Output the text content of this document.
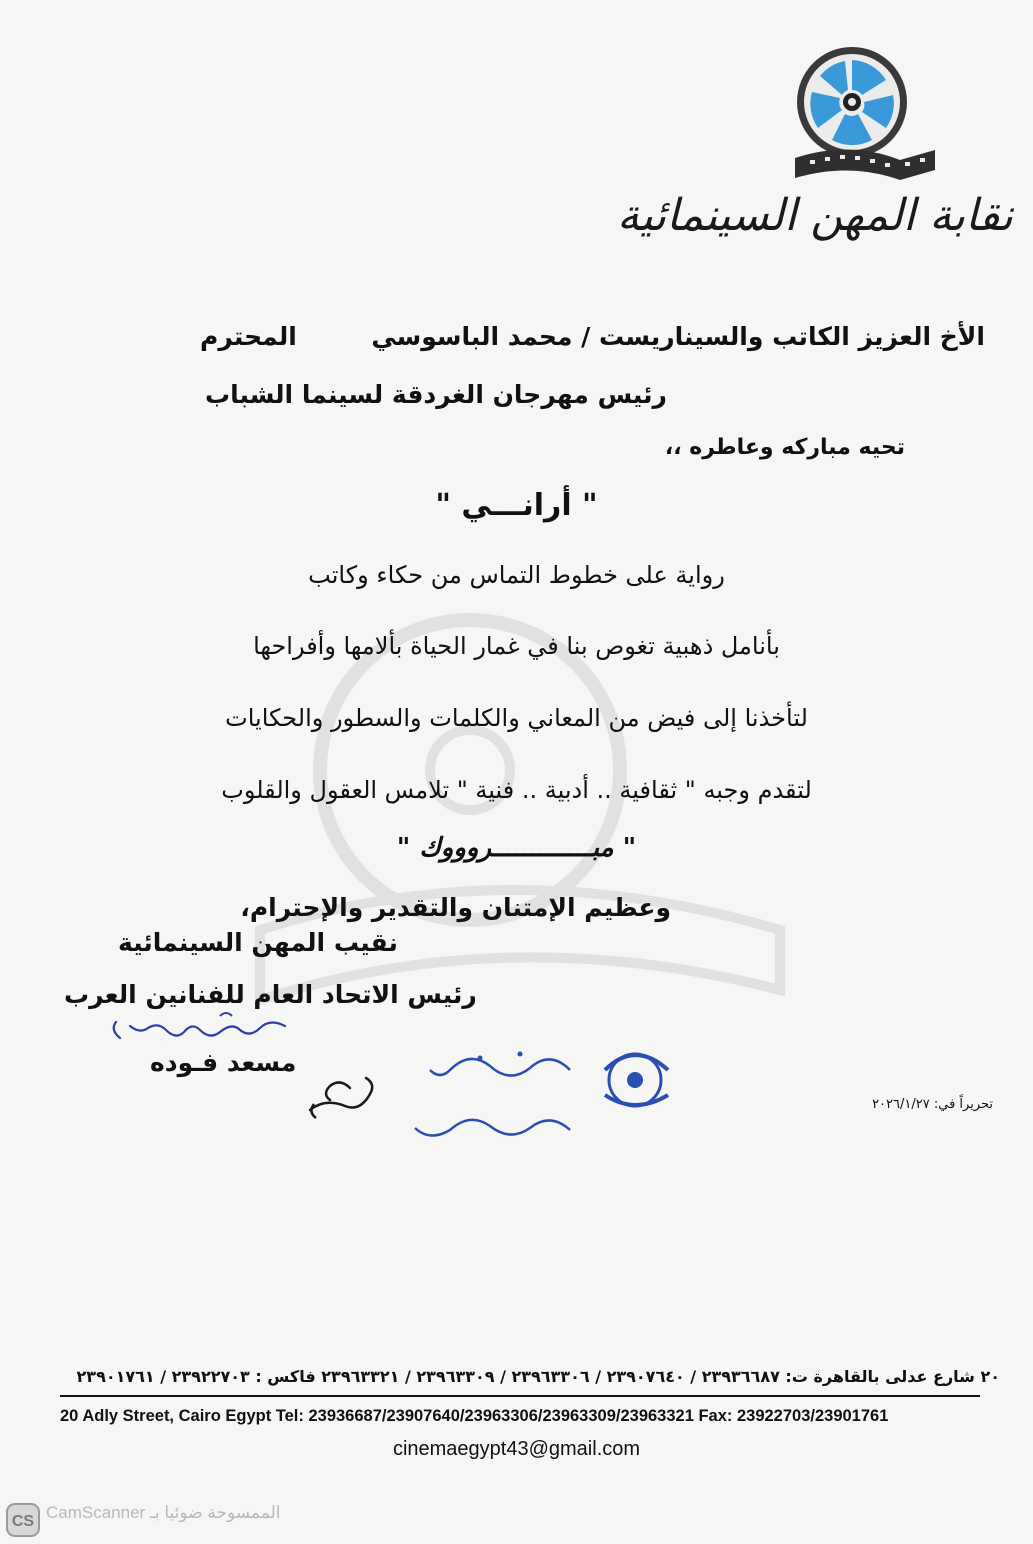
نقابة المهن السينمائية
الأخ العزيز الكاتب والسيناريست / محمد الباسوسي
المحترم
رئيس مهرجان الغردقة لسينما الشباب
تحيه مباركه وعاطره ،،
" أرانـــي "
رواية على خطوط التماس من حكاء وكاتب
بأنامل ذهبية تغوص بنا في غمار الحياة بألامها وأفراحها
لتأخذنا إلى فيض من المعاني والكلمات والسطور والحكايات
لتقدم وجبه " ثقافية .. أدبية .. فنية " تلامس العقول والقلوب
" مبـــــــــــــروووك "
وعظيم الإمتنان والتقدير والإحترام،
نقيب المهن السينمائية
رئيس الاتحاد العام للفنانين العرب
مسعد فـوده
تحريراً في: ٢٠٢٦/١/٢٧
٢٠ شارع عدلى بالقاهرة ت: ٢٣٩٣٦٦٨٧ / ٢٣٩٠٧٦٤٠ / ٢٣٩٦٣٣٠٦ / ٢٣٩٦٣٣٠٩ / ٢٣٩٦٣٣٢١ فاكس : ٢٣٩٢٢٧٠٣ / ٢٣٩٠١٧٦١
20 Adly Street, Cairo Egypt Tel: 23936687/23907640/23963306/23963309/23963321 Fax: 23922703/23901761
cinemaegypt43@gmail.com
CS الممسوحة ضوئيا بـ CamScanner
